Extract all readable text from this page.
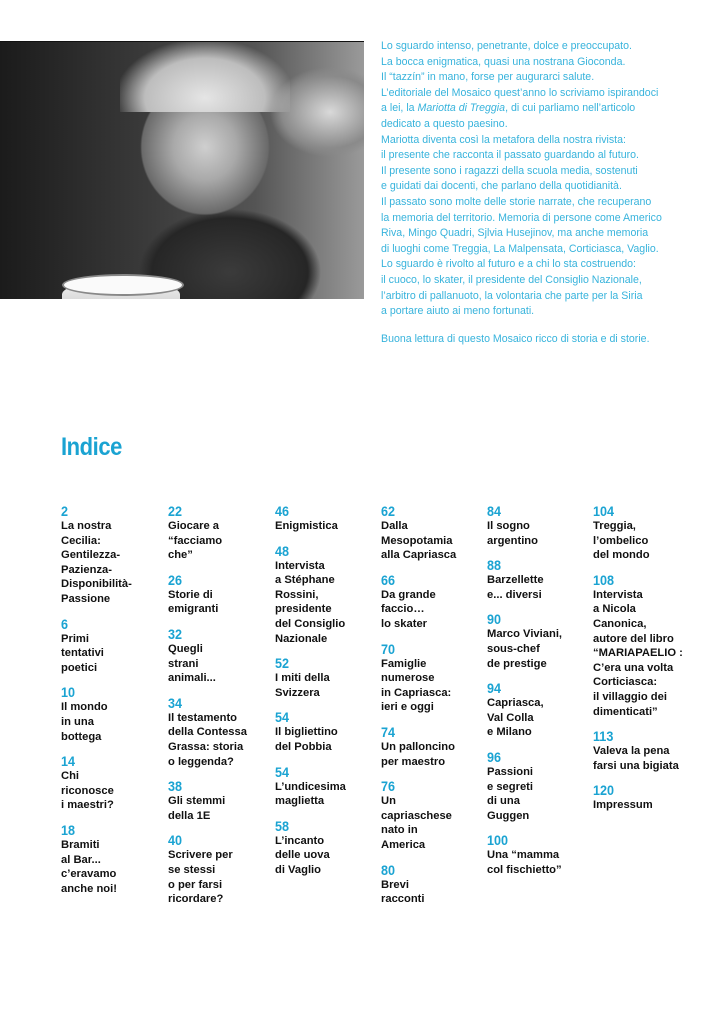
Lo sguardo intenso, penetrante, dolce e preoccupato.

La bocca enigmatica, quasi una nostrana Gioconda.

Il “tazzín” in mano, forse per augurarci salute.

L’editoriale del Mosaico quest’anno lo scriviamo ispirandoci

a lei, la Mariotta di Treggia, di cui parliamo nell’articolo

dedicato a questo paesino.

Mariotta diventa così la metafora della nostra rivista:

il presente che racconta il passato guardando al futuro.

Il presente sono i ragazzi della scuola media, sostenuti

e guidati dai docenti, che parlano della quotidianità.

Il passato sono molte delle storie narrate, che recuperano

la memoria del territorio. Memoria di persone come Americo

Riva, Mingo Quadri, Sjlvia Husejinov, ma anche memoria

di luoghi come Treggia, La Malpensata, Corticiasca, Vaglio.

Lo sguardo è rivolto al futuro e a chi lo sta costruendo:

il cuoco, lo skater, il presidente del Consiglio Nazionale,

l’arbitro di pallanuoto, la volontaria che parte per la Siria

a portare aiuto ai meno fortunati.

Buona lettura di questo Mosaico ricco di storia e di storie.

Indice
2
La nostra
Cecilia:
Gentilezza-
Pazienza-
Disponibilità-
Passione
6
Primi
tentativi
poetici
10
Il mondo
in una
bottega
14
Chi
riconosce
i maestri?
18
Bramiti
al Bar...
c’eravamo
anche noi!
22
Giocare a
“facciamo
che”
26
Storie di
emigranti
32
Quegli
strani
animali...
34
Il testamento
della Contessa
Grassa: storia
o leggenda?
38
Gli stemmi
della 1E
40
Scrivere per
se stessi
o per farsi
ricordare?
46
Enigmistica
48
Intervista
a Stéphane
Rossini,
presidente
del Consiglio
Nazionale
52
I miti della
Svizzera
54
Il bigliettino
del Pobbia
54
L’undicesima
maglietta
58
L’incanto
delle uova
di Vaglio
62
Dalla
Mesopotamia
alla Capriasca
66
Da grande
faccio…
lo skater
70
Famiglie
numerose
in Capriasca:
ieri e oggi
74
Un palloncino
per maestro
76
Un
capriaschese
nato in
America
80
Brevi
racconti
84
Il sogno
argentino
88
Barzellette
e... diversi
90
Marco Viviani,
sous-chef
de prestige
94
Capriasca,
Val Colla
e Milano
96
Passioni
e segreti
di una
Guggen
100
Una “mamma
col fischietto”
104
Treggia,
l’ombelico
del mondo
108
Intervista
a Nicola
Canonica,
autore del libro
“MARIAPAELIO :
C’era una volta
Corticiasca:
il villaggio dei
dimenticati”
113
Valeva la pena
farsi una bigiata
120
Impressum
